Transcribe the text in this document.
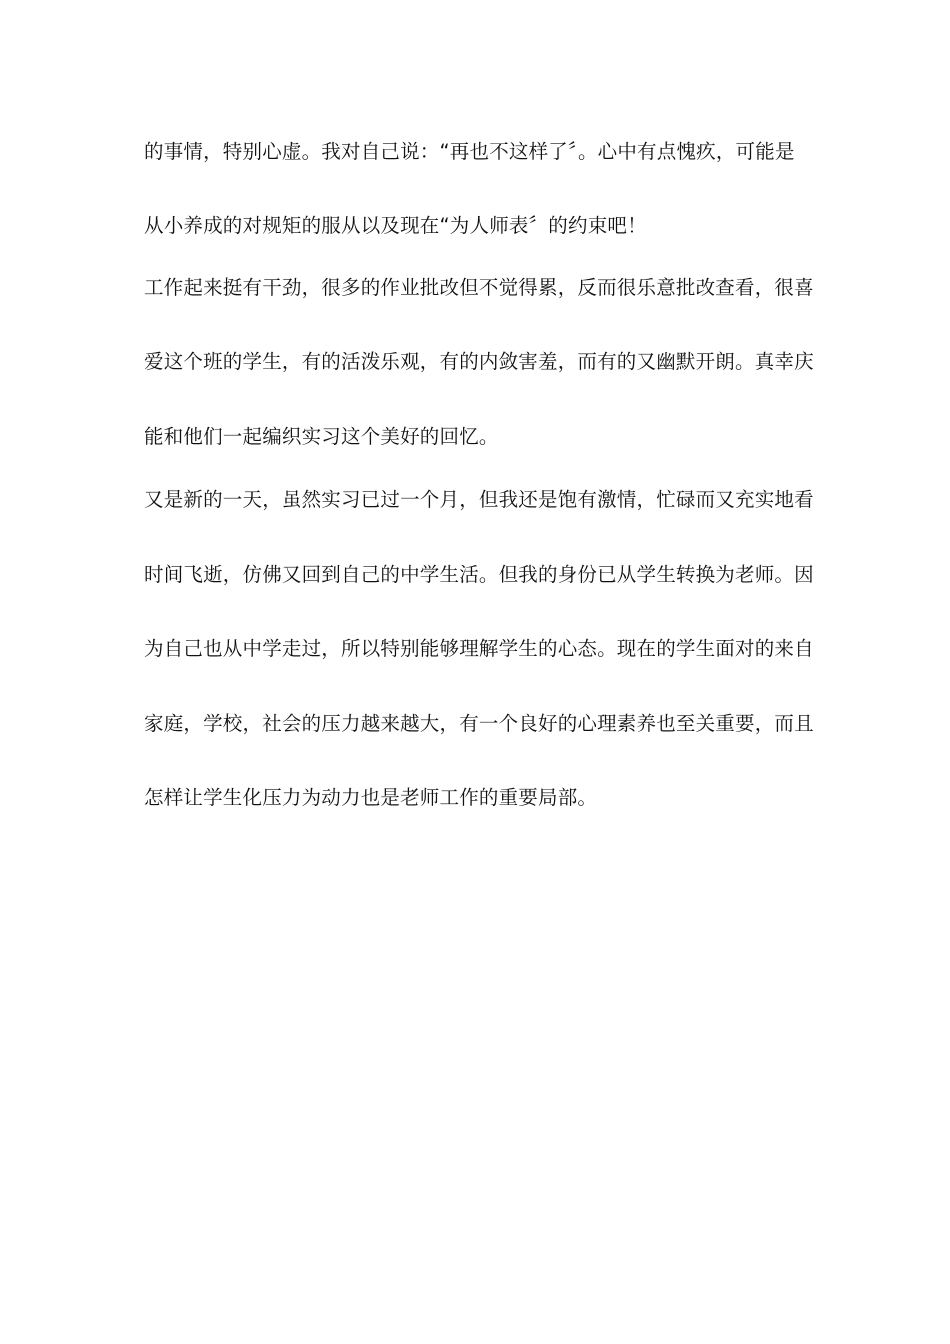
的事情，特别心虚。我对自己说：“再也不这样了〞。心中有点愧疚，可能是
从小养成的对规矩的服从以及现在“为人师表〞的约束吧！
工作起来挺有干劲，很多的作业批改但不觉得累，反而很乐意批改查看，很喜
爱这个班的学生，有的活泼乐观，有的内敛害羞，而有的又幽默开朗。真幸庆
能和他们一起编织实习这个美好的回忆。
又是新的一天，虽然实习已过一个月，但我还是饱有激情，忙碌而又充实地看
时间飞逝，仿佛又回到自己的中学生活。但我的身份已从学生转换为老师。因
为自己也从中学走过，所以特别能够理解学生的心态。现在的学生面对的来自
家庭，学校，社会的压力越来越大，有一个良好的心理素养也至关重要，而且
怎样让学生化压力为动力也是老师工作的重要局部。
